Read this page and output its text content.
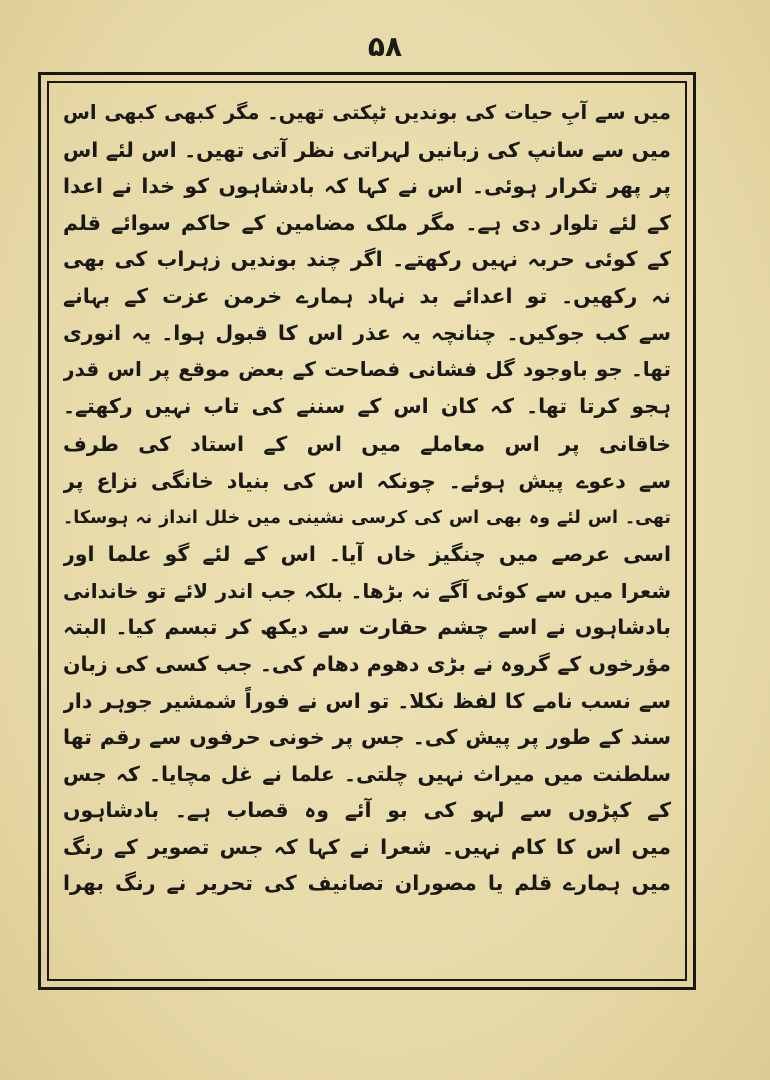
۵۸
میں سے آبِ حیات کی بوندیں ٹپکتی تھیں۔ مگر کبھی کبھی اس
میں سے سانپ کی زبانیں لہراتی نظر آتی تھیں۔ اس لئے اس
پر پھر تکرار ہوئی۔ اس نے کہا کہ بادشاہوں کو خدا نے اعدا
کے لئے تلوار دی ہے۔ مگر ملک مضامین کے حاکم سوائے قلم
کے کوئی حربہ نہیں رکھتے۔ اگر چند بوندیں زہراب کی بھی
نہ رکھیں۔ تو اعدائے بد نہاد ہمارے خرمن عزت کے بہانے
سے کب جوکیں۔ چنانچہ یہ عذر اس کا قبول ہوا۔ یہ انوری
تھا۔ جو باوجود گل فشانی فصاحت کے بعض موقع پر اس قدر
ہجو کرتا تھا۔ کہ کان اس کے سننے کی تاب نہیں رکھتے۔
خاقانی پر اس معاملے میں اس کے استاد کی طرف
سے دعوے پیش ہوئے۔ چونکہ اس کی بنیاد خانگی نزاع پر
تھی۔ اس لئے وہ بھی اس کی کرسی نشینی میں خلل انداز نہ ہوسکا۔
اسی عرصے میں چنگیز خاں آیا۔ اس کے لئے گو علما اور
شعرا میں سے کوئی آگے نہ بڑھا۔ بلکہ جب اندر لائے تو خاندانی
بادشاہوں نے اسے چشم حقارت سے دیکھ کر تبسم کیا۔ البتہ
مؤرخوں کے گروہ نے بڑی دھوم دھام کی۔ جب کسی کی زبان
سے نسب نامے کا لفظ نکلا۔ تو اس نے فوراً شمشیر جوہر دار
سند کے طور پر پیش کی۔ جس پر خونی حرفوں سے رقم تھا
سلطنت میں میراث نہیں چلتی۔ علما نے غل مچایا۔ کہ جس
کے کپڑوں سے لہو کی بو آئے وہ قصاب ہے۔ بادشاہوں
میں اس کا کام نہیں۔ شعرا نے کہا کہ جس تصویر کے رنگ
میں ہمارے قلم یا مصوران تصانیف کی تحریر نے رنگ بھرا
